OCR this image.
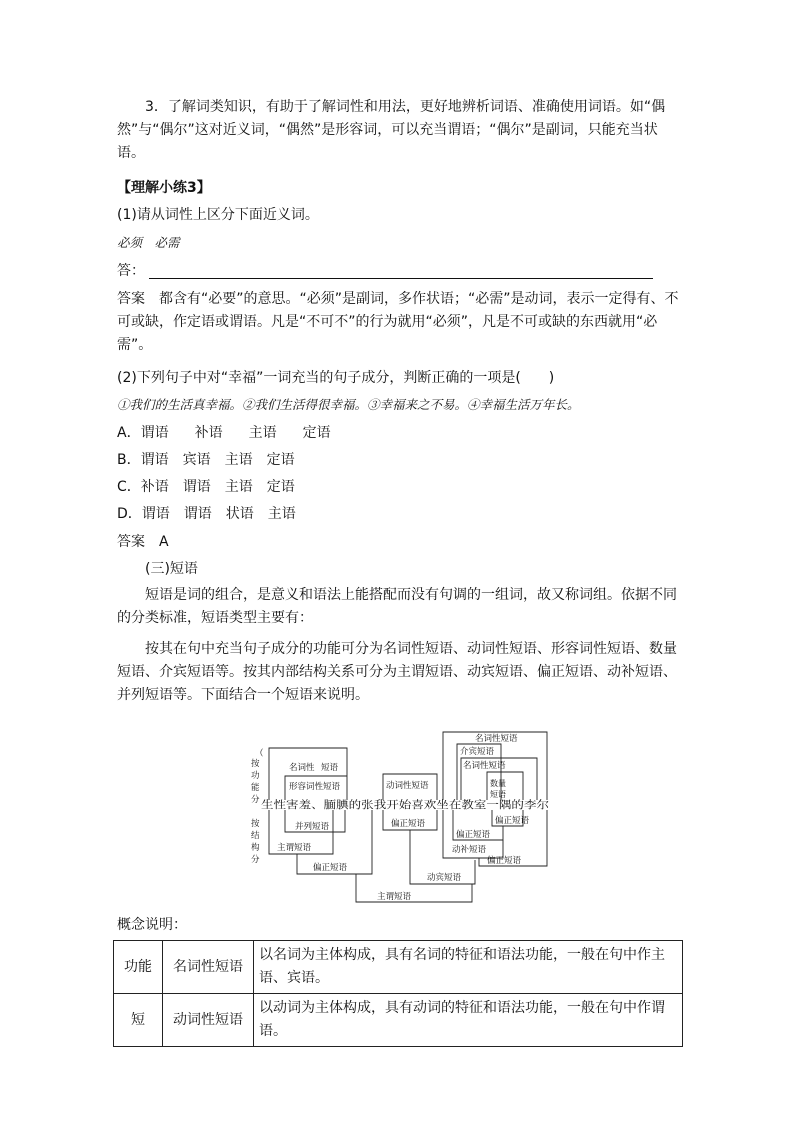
3．了解词类知识，有助于了解词性和用法，更好地辨析词语、准确使用词语。如“偶然”与“偶尔”这对近义词，“偶然”是形容词，可以充当谓语；“偶尔”是副词，只能充当状语。
【理解小练3】
(1)请从词性上区分下面近义词。
必须　必需
答：
答案　都含有“必要”的意思。“必须”是副词，多作状语；“必需”是动词，表示一定得有、不可或缺，作定语或谓语。凡是“不可不”的行为就用“必须”，凡是不可或缺的东西就用“必需”。
(2)下列句子中对“幸福”一词充当的句子成分，判断正确的一项是(　　)
①我们的生活真幸福。②我们生活得很幸福。③幸福来之不易。④幸福生活万年长。
A．谓语 补语 主语 定语
B．谓语 宾语 主语 定语
C．补语 谓语 主语 定语
D．谓语 谓语 状语 主语
答案　A
(三)短语
短语是词的组合，是意义和语法上能搭配而没有句调的一组词，故又称词组。依据不同的分类标准，短语类型主要有：
按其在句中充当句子成分的功能可分为名词性短语、动词性短语、形容词性短语、数量短语、介宾短语等。按其内部结构关系可分为主谓短语、动宾短语、偏正短语、动补短语、并列短语等。下面结合一个短语来说明。
（
按
功
能
分
按
结
构
分
名词性 短语
形容词性短语	动词性短语
名词性短语
介宾短语
名词性短语
数量
短语
生性害羞、腼腆的张我开始喜欢坐在教室一隅的李尔
并列短语
主谓短语
偏正短语
偏正短语	偏正短语
偏正短语
动补短语
偏正短语
动宾短语
主谓短语
概念说明：
功能	名词性短语	以名词为主体构成，具有名词的特征和语法功能，一般在句中作主语、宾语。
短	动词性短语	以动词为主体构成，具有动词的特征和语法功能，一般在句中作谓语。
